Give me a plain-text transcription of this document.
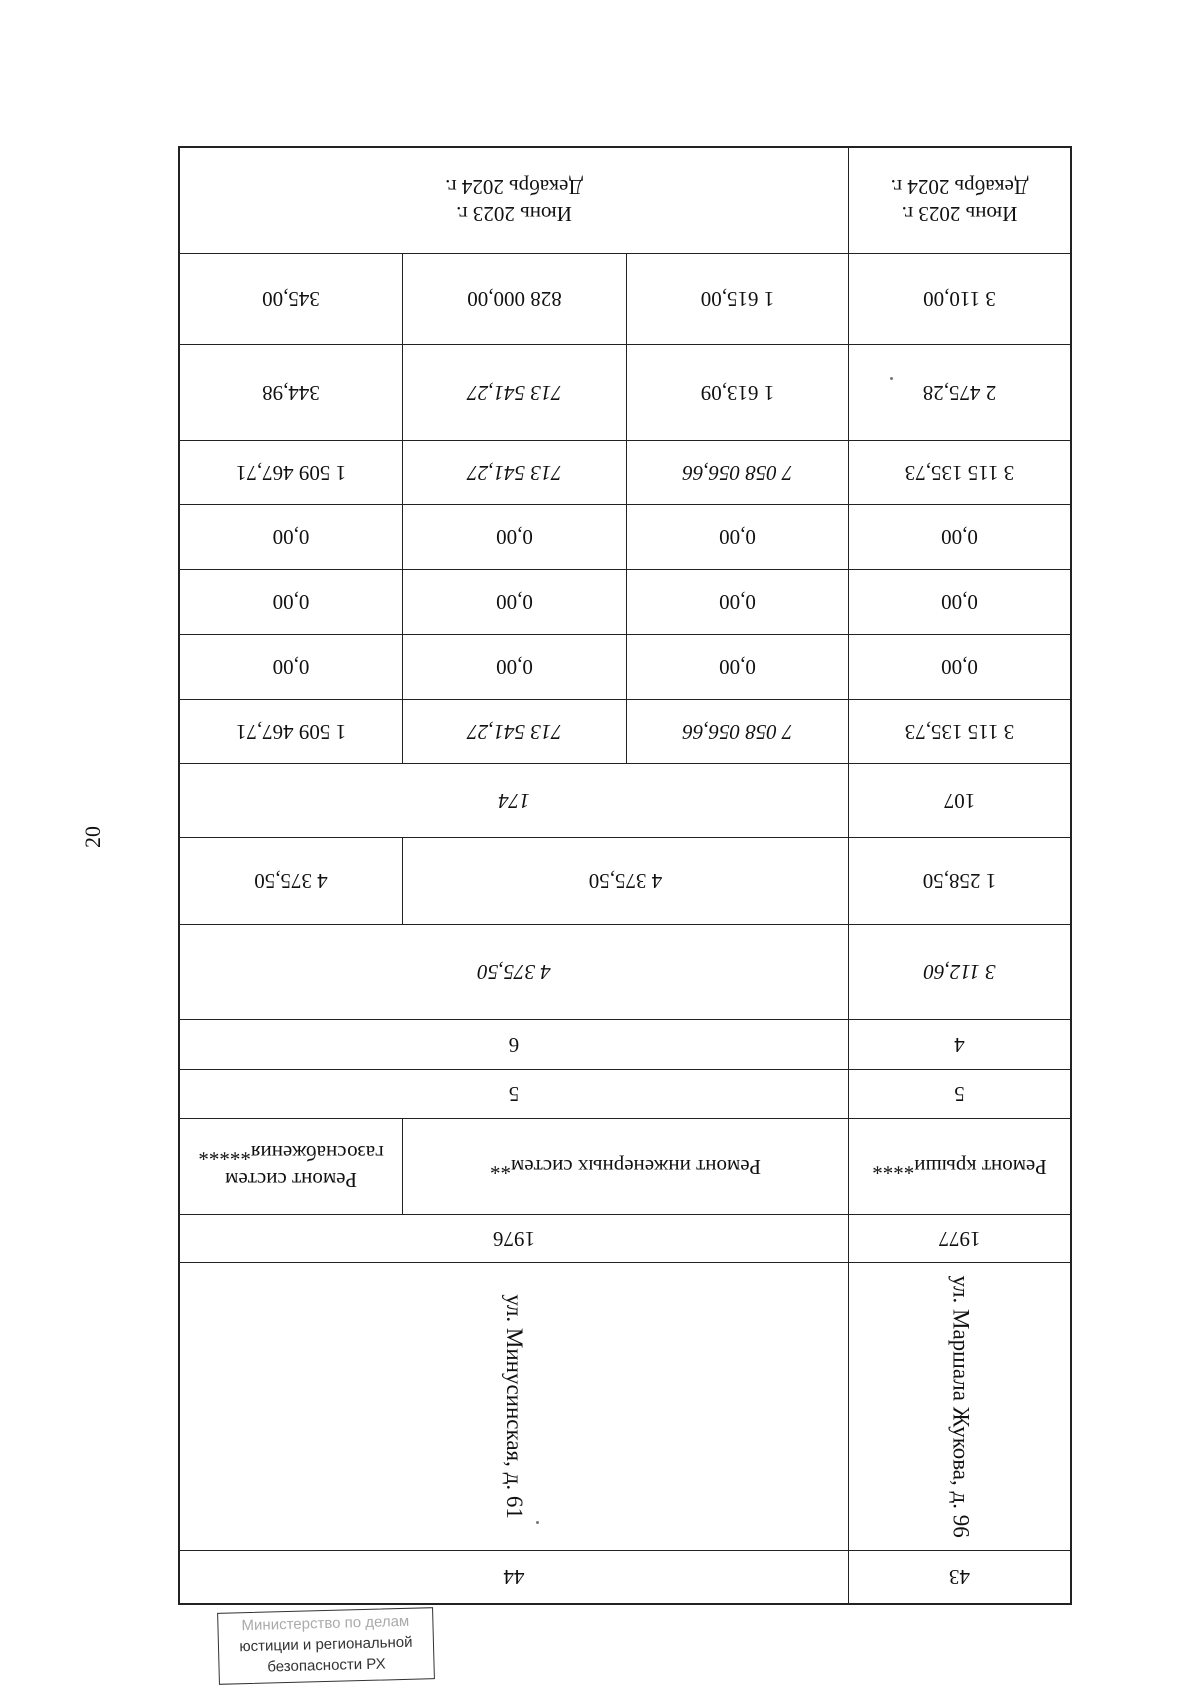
20
43
44
ул. Маршала Жукова, д. 96
ул. Минусинская, д. 61
1977
1976
Ремонт крыши****
Ремонт инженерных систем**
Ремонт систем газоснабжения*****
5
5
4
6
3 112,60
4 375,50
1 258,50
4 375,50
4 375,50
107
174
3 115 135,73
7 058 056,66
713 541,27
1 509 467,71
0,00
0,00
0,00
0,00
0,00
0,00
0,00
0,00
0,00
0,00
0,00
0,00
3 115 135,73
7 058 056,66
713 541,27
1 509 467,71
2 475,28
1 613,09
713 541,27
344,98
3 110,00
1 615,00
828 000,00
345,00
Июнь 2023 г.
Декабрь 2024 г.
Июнь 2023 г.
Декабрь 2024 г.
Министерство по делам
юстиции и региональной
безопасности РХ
